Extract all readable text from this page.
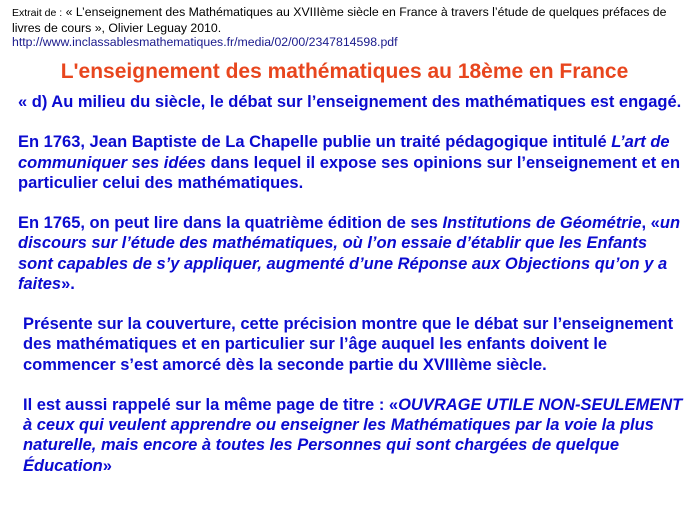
Extrait de : « L’enseignement des Mathématiques au XVIIIème siècle en France à travers l’étude de quelques préfaces de livres de cours », Olivier Leguay 2010.
http://www.inclassablesmathematiques.fr/media/02/00/2347814598.pdf
L'enseignement des mathématiques au 18ème en France

« d) Au milieu du siècle, le débat sur l’enseignement des mathématiques est engagé.

En 1763, Jean Baptiste de La Chapelle publie un traité pédagogique intitulé L’art de communiquer ses idées dans lequel il expose ses opinions sur l’enseignement et en particulier celui des mathématiques.

En 1765, on peut lire dans la quatrième édition de ses Institutions de Géométrie, «un discours sur l’étude des mathématiques, où l’on essaie d’établir que les Enfants sont capables de s’y appliquer, augmenté d’une Réponse aux Objections qu’on y a faites».

Présente sur la couverture, cette précision montre que le débat sur l’enseignement des mathématiques et en particulier sur l’âge auquel les enfants doivent le commencer s’est amorcé dès la seconde partie du XVIIIème siècle.

Il est aussi rappelé sur la même page de titre : «OUVRAGE UTILE NON-SEULEMENT à ceux qui veulent apprendre ou enseigner les Mathématiques par la voie la plus naturelle, mais encore à toutes les Personnes qui sont chargées de quelque Éducation»
